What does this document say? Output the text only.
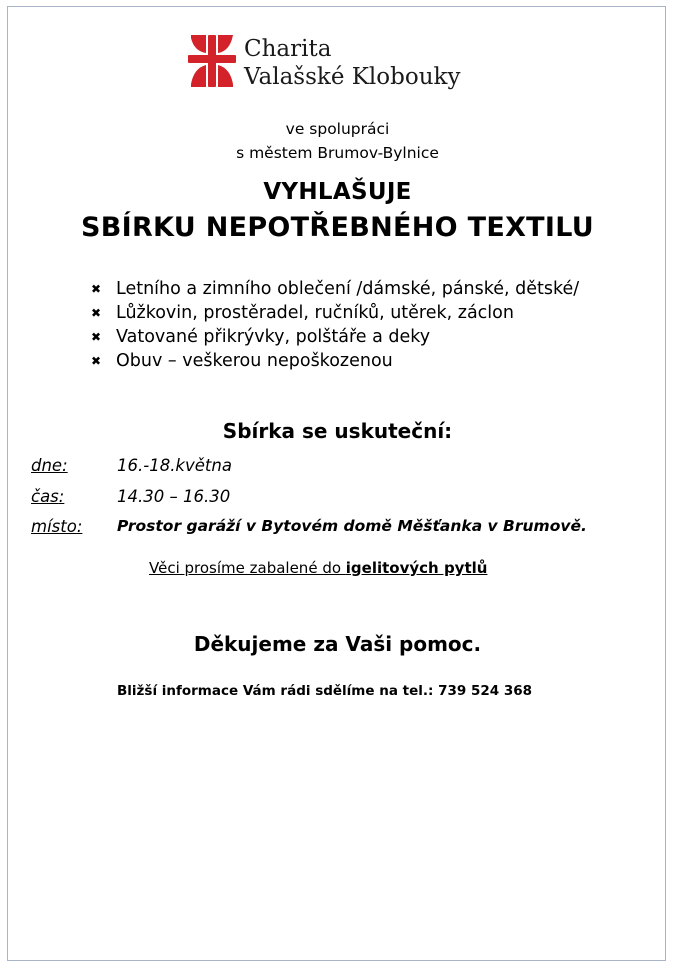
Charita
Valašské Klobouky
ve spolupráci
s městem Brumov-Bylnice
VYHLAŠUJE
SBÍRKU NEPOTŘEBNÉHO TEXTILU
✖ Letního a zimního oblečení /dámské, pánské, dětské/
✖ Lůžkovin, prostěradel, ručníků, utěrek, záclon
✖ Vatované přikrývky, polštáře a deky
✖ Obuv – veškerou nepoškozenou
Sbírka se uskuteční:
dne:	16.-18.května
čas:	14.30 – 16.30
místo: Prostor garáží v Bytovém domě Měšťanka v Brumově.
Věci prosíme zabalené do igelitových pytlů
Děkujeme za Vaši pomoc.
Bližší informace Vám rádi sdělíme na tel.: 739 524 368
